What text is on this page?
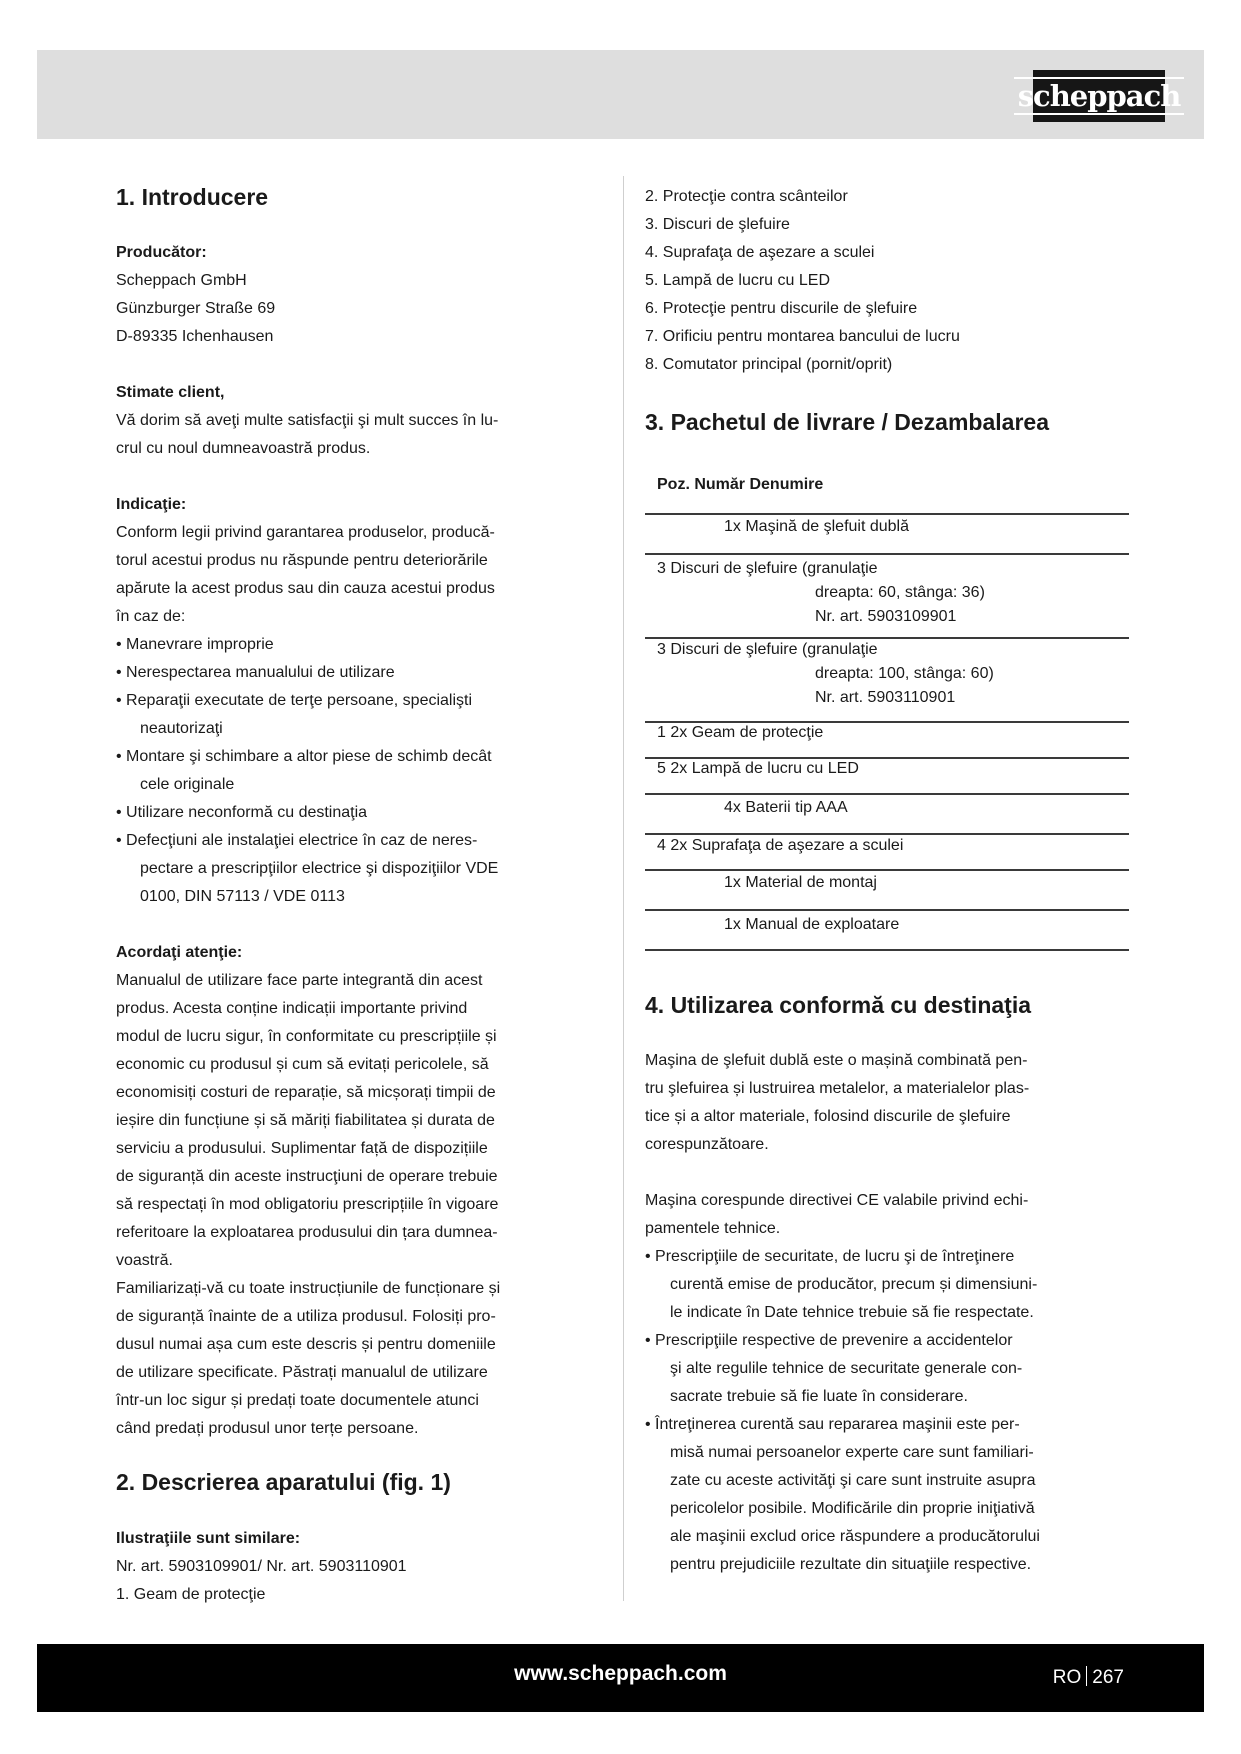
scheppach
1. Introducere
Producător:
Scheppach GmbH
Günzburger Straße 69
D-89335 Ichenhausen
Stimate client,
Vă dorim să aveţi multe satisfacţii şi mult succes în lu-
crul cu noul dumneavoastră produs.
Indicaţie:
Conform legii privind garantarea produselor, producă-
torul acestui produs nu răspunde pentru deteriorările
apărute la acest produs sau din cauza acestui produs
în caz de:
• Manevrare improprie
• Nerespectarea manualului de utilizare
• Reparaţii executate de terţe persoane, specialişti
neautorizaţi
• Montare şi schimbare a altor piese de schimb decât
cele originale
• Utilizare neconformă cu destinaţia
• Defecţiuni ale instalaţiei electrice în caz de neres-
pectare a prescripţiilor electrice şi dispoziţiilor VDE
0100, DIN 57113 / VDE 0113
Acordaţi atenţie:
Manualul de utilizare face parte integrantă din acest
produs. Acesta conține indicații importante privind
modul de lucru sigur, în conformitate cu prescripțiile și
economic cu produsul și cum să evitați pericolele, să
economisiți costuri de reparație, să micșorați timpii de
ieșire din funcțiune și să măriți fiabilitatea și durata de
serviciu a produsului. Suplimentar față de dispozițiile
de siguranță din aceste instrucţiuni de operare trebuie
să respectați în mod obligatoriu prescripțiile în vigoare
referitoare la exploatarea produsului din țara dumnea-
voastră.
Familiarizați-vă cu toate instrucțiunile de funcționare și
de siguranță înainte de a utiliza produsul. Folosiți pro-
dusul numai așa cum este descris și pentru domeniile
de utilizare specificate. Păstrați manualul de utilizare
într-un loc sigur și predați toate documentele atunci
când predați produsul unor terțe persoane.
2. Descrierea aparatului (fig. 1)
Ilustraţiile sunt similare:
Nr. art. 5903109901/ Nr. art. 5903110901
1. Geam de protecţie
2. Protecţie contra scânteilor
3. Discuri de şlefuire
4. Suprafaţa de aşezare a sculei
5. Lampă de lucru cu LED
6. Protecţie pentru discurile de şlefuire
7. Orificiu pentru montarea bancului de lucru
8. Comutator principal (pornit/oprit)
3. Pachetul de livrare / Dezambalarea
Poz. Număr Denumire
1x Maşină de şlefuit dublă
3 Discuri de şlefuire (granulaţie
dreapta: 60, stânga: 36)
Nr. art. 5903109901
3 Discuri de şlefuire (granulaţie
dreapta: 100, stânga: 60)
Nr. art. 5903110901
1 2x Geam de protecţie
5 2x Lampă de lucru cu LED
4x Baterii tip AAA
4 2x Suprafaţa de aşezare a sculei
1x Material de montaj
1x Manual de exploatare
4. Utilizarea conformă cu destinaţia
Maşina de şlefuit dublă este o mașină combinată pen-
tru şlefuirea și lustruirea metalelor, a materialelor plas-
tice și a altor materiale, folosind discurile de şlefuire
corespunzătoare.
Maşina corespunde directivei CE valabile privind echi-
pamentele tehnice.
• Prescripţiile de securitate, de lucru şi de întreţinere
curentă emise de producător, precum și dimensiuni-
le indicate în Date tehnice trebuie să fie respectate.
• Prescripţiile respective de prevenire a accidentelor
şi alte regulile tehnice de securitate generale con-
sacrate trebuie să fie luate în considerare.
• Întreţinerea curentă sau repararea maşinii este per-
misă numai persoanelor experte care sunt familiari-
zate cu aceste activităţi şi care sunt instruite asupra
pericolelor posibile. Modificările din proprie iniţiativă
ale maşinii exclud orice răspundere a producătorului
pentru prejudiciile rezultate din situaţiile respective.
www.scheppach.com	RO 267
